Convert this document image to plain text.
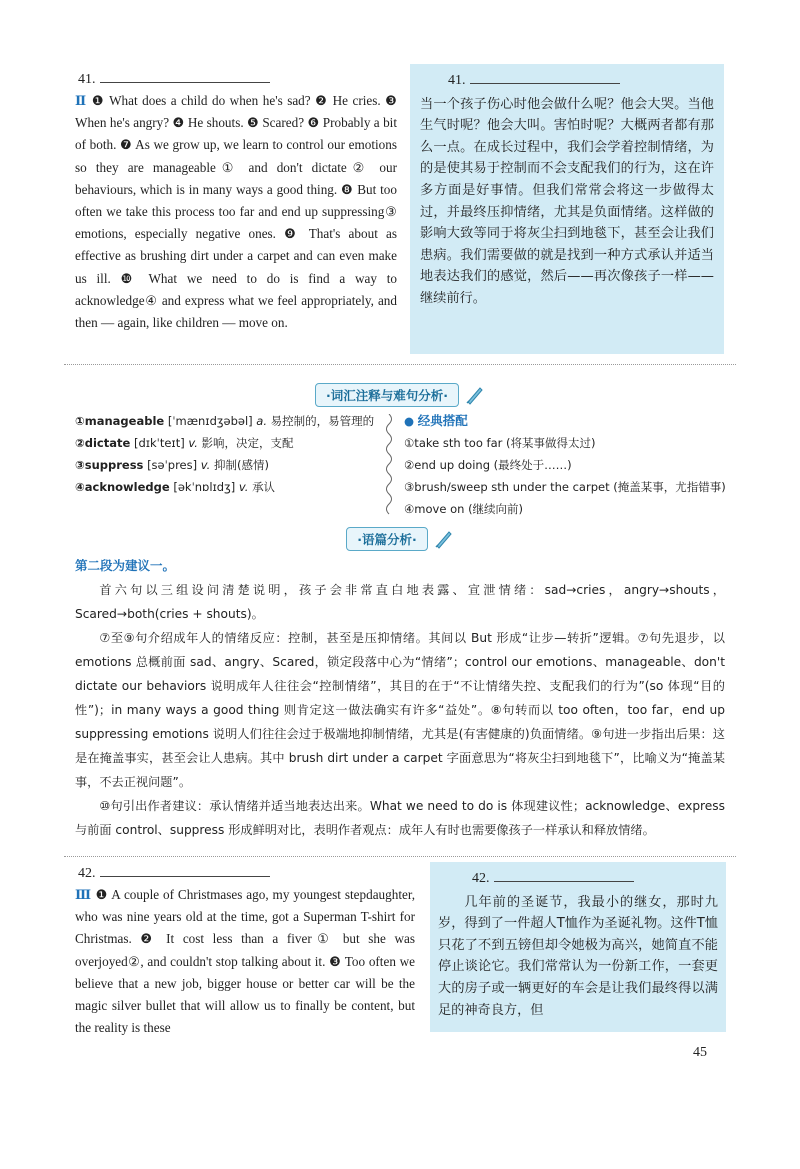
41.
Ⅱ ❶ What does a child do when he's sad? ❷ He cries. ❸ When he's angry? ❹ He shouts. ❺ Scared? ❻ Probably a bit of both. ❼ As we grow up, we learn to control our emotions so they are manageable① and don't dictate② our behaviours, which is in many ways a good thing. ❽ But too often we take this process too far and end up suppressing③ emotions, especially negative ones. ❾ That's about as effective as brushing dirt under a carpet and can even make us ill. ❿ What we need to do is find a way to acknowledge④ and express what we feel appropriately, and then — again, like children — move on.
41.
当一个孩子伤心时他会做什么呢？他会大哭。当他生气时呢？他会大叫。害怕时呢？大概两者都有那么一点。在成长过程中，我们会学着控制情绪，为的是使其易于控制而不会支配我们的行为，这在许多方面是好事情。但我们常常会将这一步做得太过，并最终压抑情绪，尤其是负面情绪。这样做的影响大致等同于将灰尘扫到地毯下，甚至会让我们患病。我们需要做的就是找到一种方式承认并适当地表达我们的感觉，然后——再次像孩子一样——继续前行。
·词汇注释与难句分析·
①manageable [ˈmænɪdʒəbəl] a. 易控制的，易管理的
②dictate [dɪkˈteɪt] v. 影响，决定，支配
③suppress [səˈpres] v. 抑制(感情)
④acknowledge [əkˈnɒlɪdʒ] v. 承认
● 经典搭配
①take sth too far (将某事做得太过)
②end up doing (最终处于……)
③brush/sweep sth under the carpet (掩盖某事，尤指错事)
④move on (继续向前)
·语篇分析·
第二段为建议一。
首六句以三组设问清楚说明，孩子会非常直白地表露、宣泄情绪：sad→cries，angry→shouts，Scared→both(cries + shouts)。
⑦至⑨句介绍成年人的情绪反应：控制，甚至是压抑情绪。其间以 But 形成“让步—转折”逻辑。⑦句先退步，以 emotions 总概前面 sad、angry、Scared，锁定段落中心为“情绪”；control our emotions、manageable、don't dictate our behaviors 说明成年人往往会“控制情绪”，其目的在于“不让情绪失控、支配我们的行为”(so 体现“目的性”)；in many ways a good thing 则肯定这一做法确实有许多“益处”。⑧句转而以 too often，too far，end up suppressing emotions 说明人们往往会过于极端地抑制情绪，尤其是(有害健康的)负面情绪。⑨句进一步指出后果：这是在掩盖事实，甚至会让人患病。其中 brush dirt under a carpet 字面意思为“将灰尘扫到地毯下”，比喻义为“掩盖某事，不去正视问题”。
⑩句引出作者建议：承认情绪并适当地表达出来。What we need to do is 体现建议性；acknowledge、express 与前面 control、suppress 形成鲜明对比，表明作者观点：成年人有时也需要像孩子一样承认和释放情绪。
42.
Ⅲ ❶ A couple of Christmases ago, my youngest stepdaughter, who was nine years old at the time, got a Superman T-shirt for Christmas. ❷ It cost less than a fiver① but she was overjoyed②, and couldn't stop talking about it. ❸ Too often we believe that a new job, bigger house or better car will be the magic silver bullet that will allow us to finally be content, but the reality is these
42.
几年前的圣诞节，我最小的继女，那时九岁，得到了一件超人T恤作为圣诞礼物。这件T恤只花了不到五镑但却令她极为高兴，她简直不能停止谈论它。我们常常认为一份新工作，一套更大的房子或一辆更好的车会是让我们最终得以满足的神奇良方，但
45
